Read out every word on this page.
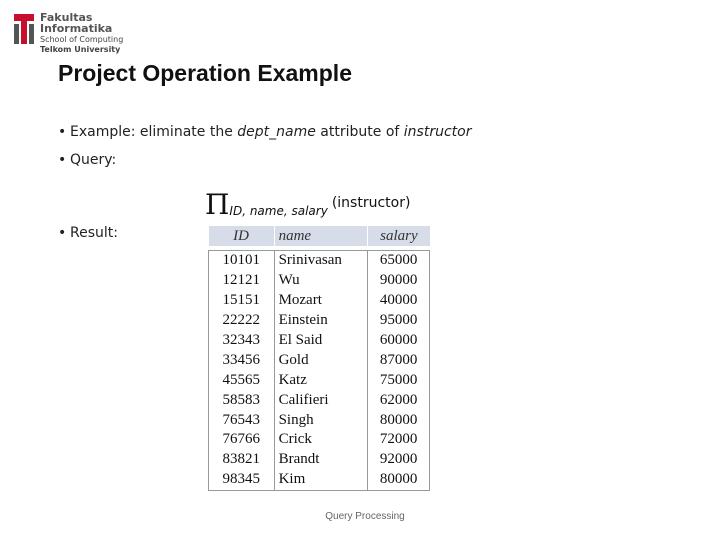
Fakultas Informatika
School of Computing
Telkom University
Project Operation Example
• Example: eliminate the dept_name attribute of instructor
• Query:
• Result:
$\Pi_{ID, name, salary}$ (instructor)
ID	name	salary

10101	Srinivasan	65000
12121	Wu	90000
15151	Mozart	40000
22222	Einstein	95000
32343	El Said	60000
33456	Gold	87000
45565	Katz	75000
58583	Califieri	62000
76543	Singh	80000
76766	Crick	72000
83821	Brandt	92000
98345	Kim	80000
Query Processing
